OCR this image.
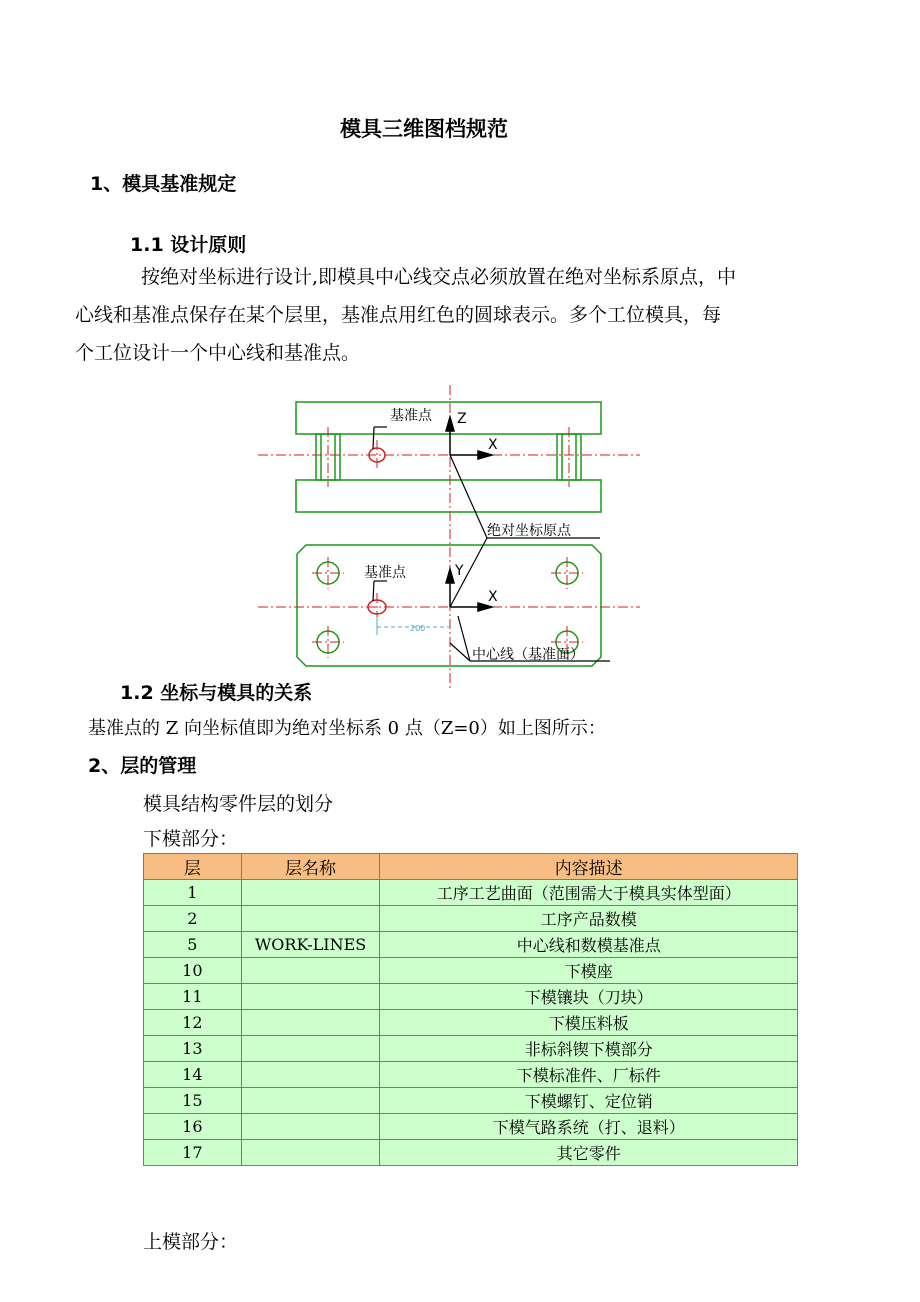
模具三维图档规范
1、模具基准规定
1.1 设计原则
按绝对坐标进行设计,即模具中心线交点必须放置在绝对坐标系原点，中
心线和基准点保存在某个层里，基准点用红色的圆球表示。多个工位模具，每
个工位设计一个中心线和基准点。
200
基准点 Z
X
绝对坐标原点
基准点	Y
X
中心线（基准面）
1.2 坐标与模具的关系
基准点的 Z 向坐标值即为绝对坐标系 0 点（Z=0）如上图所示：
2、层的管理
模具结构零件层的划分
下模部分：
层	层名称	内容描述
1		工序工艺曲面（范围需大于模具实体型面）
2		工序产品数模
5	WORK-LINES	中心线和数模基准点
10		下模座
11		下模镶块（刀块）
12		下模压料板
13		非标斜锲下模部分
14		下模标准件、厂标件
15		下模螺钉、定位销
16		下模气路系统（打、退料）
17		其它零件
上模部分：
